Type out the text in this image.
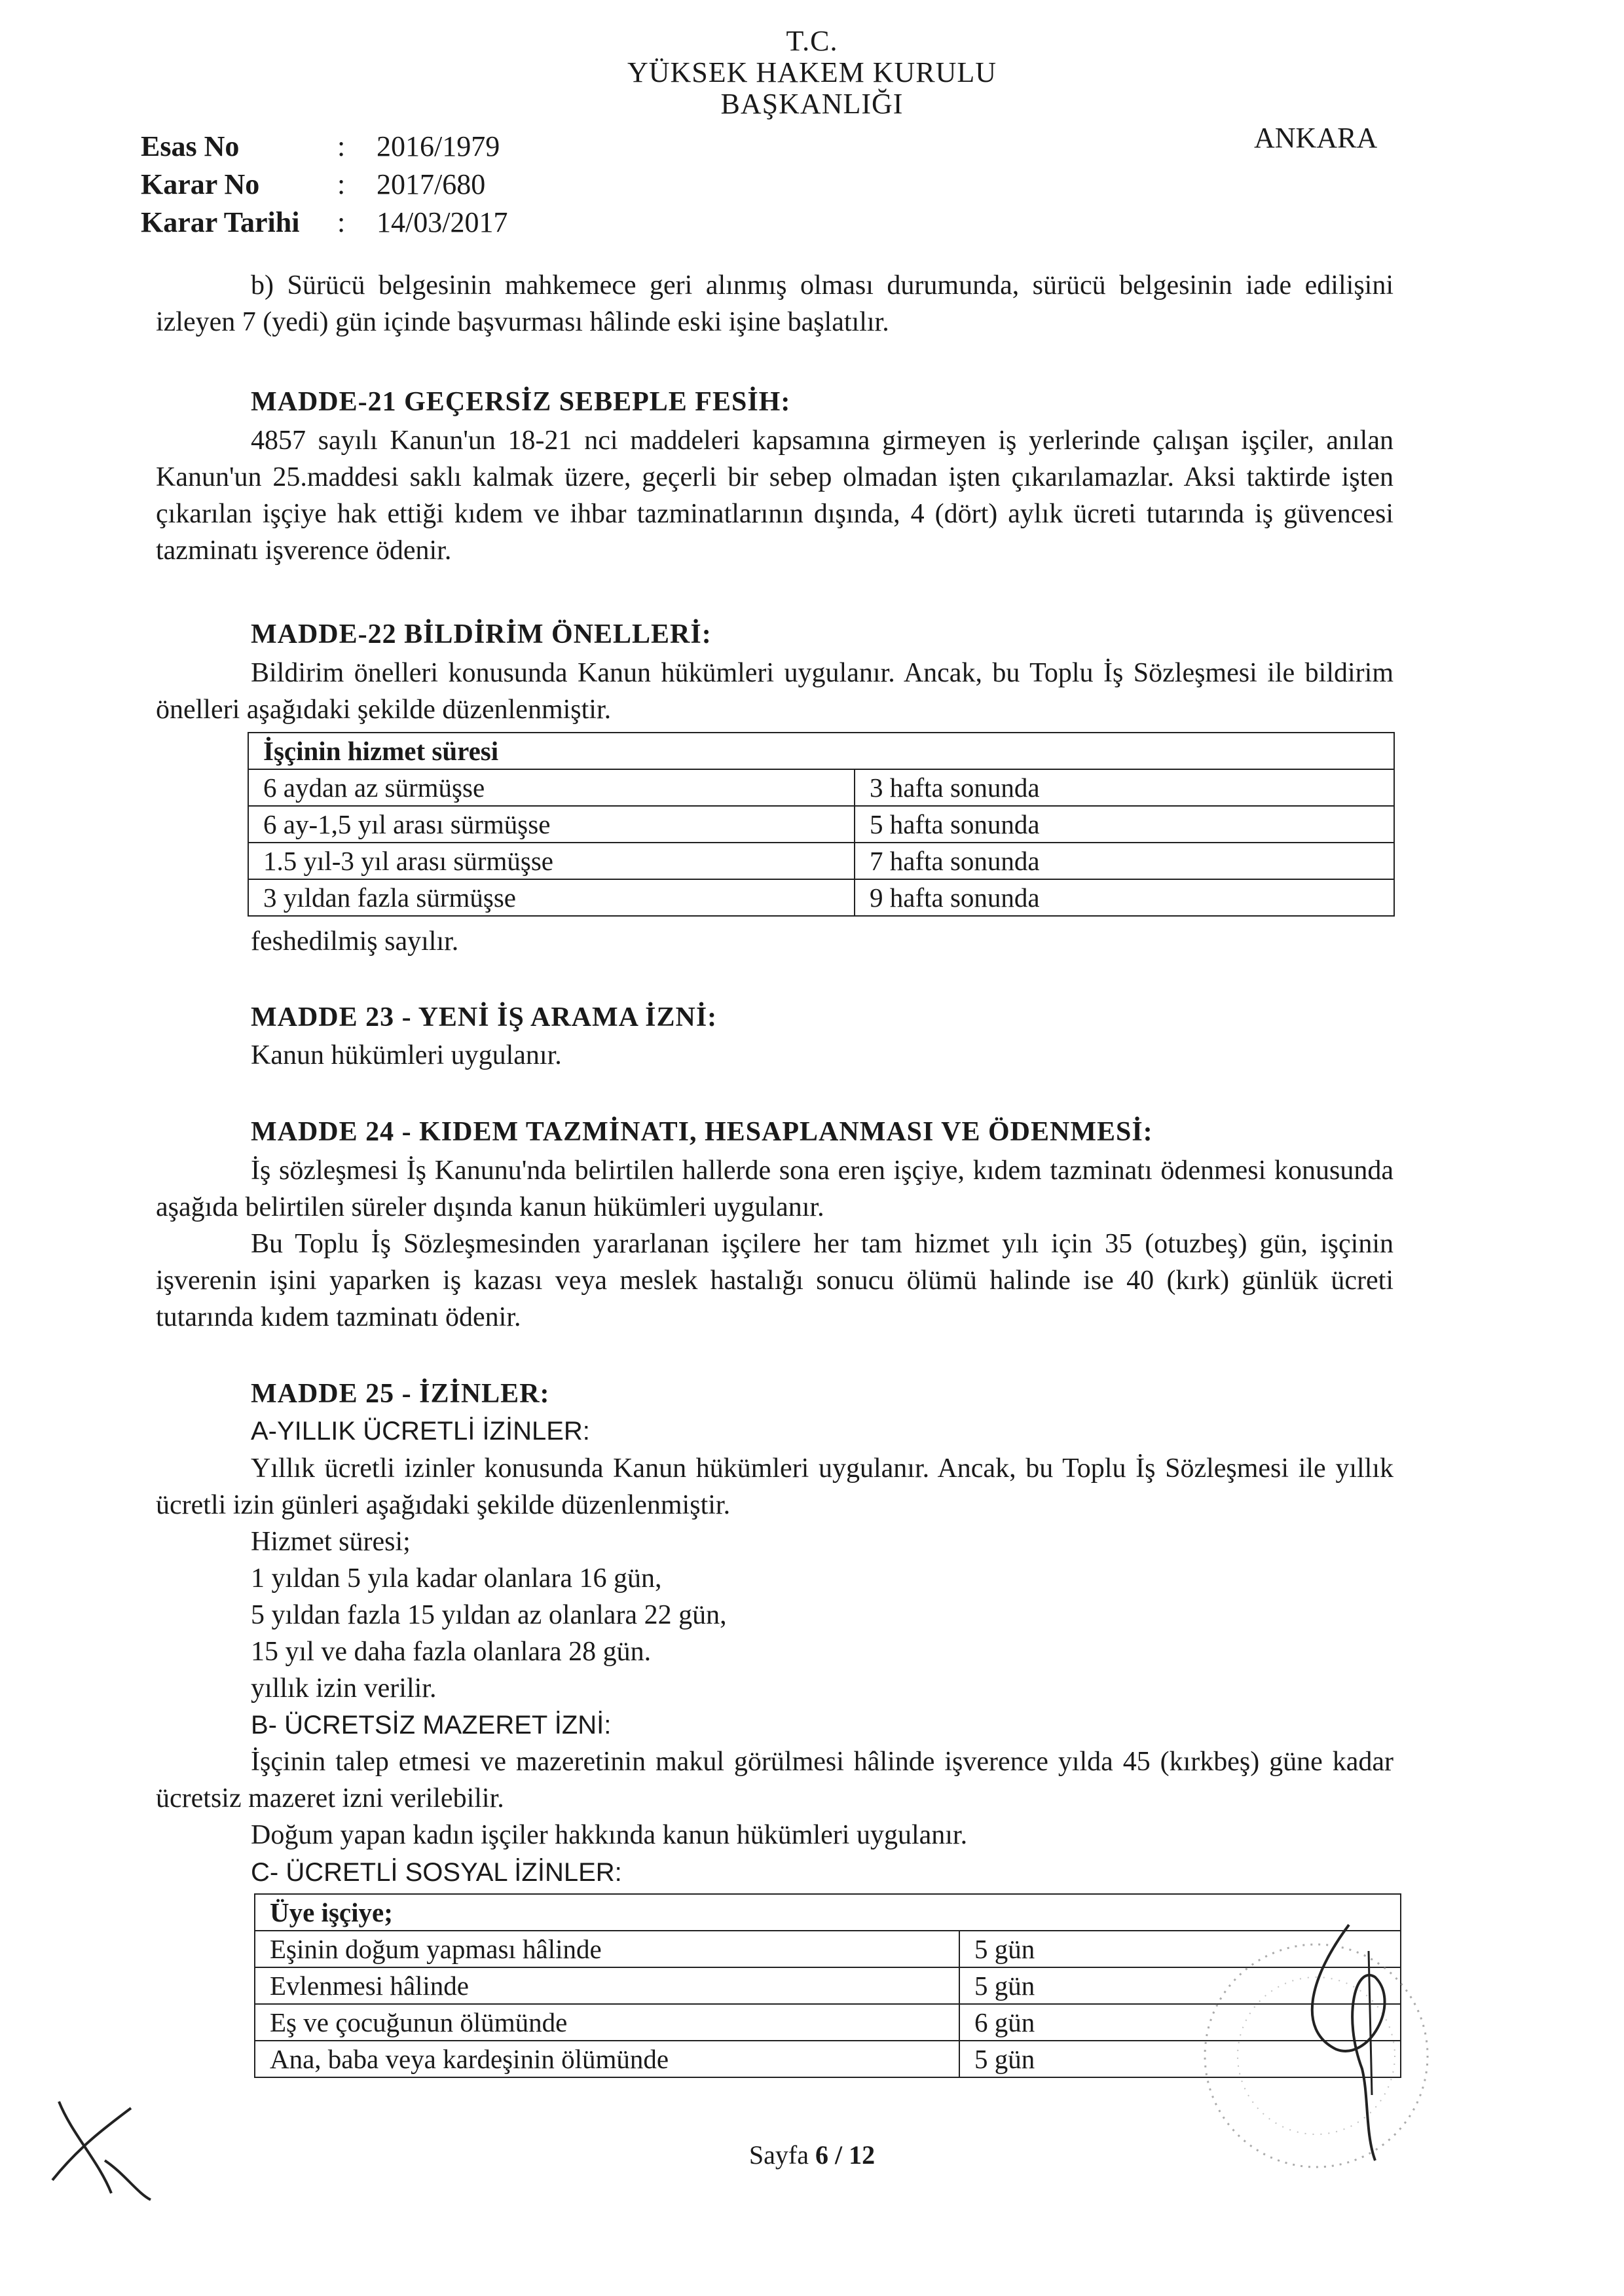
T.C.
YÜKSEK HAKEM KURULU
BAŞKANLIĞI
ANKARA
Esas No	: 2016/1979
Karar No	: 2017/680
Karar Tarihi : 14/03/2017

b) Sürücü belgesinin mahkemece geri alınmış olması durumunda, sürücü belgesinin iade edilişini izleyen 7 (yedi) gün içinde başvurması hâlinde eski işine başlatılır.

MADDE-21 GEÇERSİZ SEBEPLE FESİH:

4857 sayılı Kanun'un 18-21 nci maddeleri kapsamına girmeyen iş yerlerinde çalışan işçiler, anılan Kanun'un 25.maddesi saklı kalmak üzere, geçerli bir sebep olmadan işten çıkarılamazlar. Aksi taktirde işten çıkarılan işçiye hak ettiği kıdem ve ihbar tazminatlarının dışında, 4 (dört) aylık ücreti tutarında iş güvencesi tazminatı işverence ödenir.

MADDE-22 BİLDİRİM ÖNELLERİ:

Bildirim önelleri konusunda Kanun hükümleri uygulanır. Ancak, bu Toplu İş Sözleşmesi ile bildirim önelleri aşağıdaki şekilde düzenlenmiştir.

İşçinin hizmet süresi	
6 aydan az sürmüşse	3 hafta sonunda
6 ay-1,5 yıl arası sürmüşse	5 hafta sonunda
1.5 yıl-3 yıl arası sürmüşse	7 hafta sonunda
3 yıldan fazla sürmüşse	9 hafta sonunda
feshedilmiş sayılır.
MADDE 23 - YENİ İŞ ARAMA İZNİ:
Kanun hükümleri uygulanır.
MADDE 24 - KIDEM TAZMİNATI, HESAPLANMASI VE ÖDENMESİ:

İş sözleşmesi İş Kanunu'nda belirtilen hallerde sona eren işçiye, kıdem tazminatı ödenmesi konusunda aşağıda belirtilen süreler dışında kanun hükümleri uygulanır.

Bu Toplu İş Sözleşmesinden yararlanan işçilere her tam hizmet yılı için 35 (otuzbeş) gün, işçinin işverenin işini yaparken iş kazası veya meslek hastalığı sonucu ölümü halinde ise 40 (kırk) günlük ücreti tutarında kıdem tazminatı ödenir.

MADDE 25 - İZİNLER:
A-YILLIK ÜCRETLİ İZİNLER:

Yıllık ücretli izinler konusunda Kanun hükümleri uygulanır. Ancak, bu Toplu İş Sözleşmesi ile yıllık ücretli izin günleri aşağıdaki şekilde düzenlenmiştir.

Hizmet süresi;
1 yıldan 5 yıla kadar olanlara 16 gün,
5 yıldan fazla 15 yıldan az olanlara 22 gün,
15 yıl ve daha fazla olanlara 28 gün.
yıllık izin verilir.
B- ÜCRETSİZ MAZERET İZNİ:

İşçinin talep etmesi ve mazeretinin makul görülmesi hâlinde işverence yılda 45 (kırkbeş) güne kadar ücretsiz mazeret izni verilebilir.

Doğum yapan kadın işçiler hakkında kanun hükümleri uygulanır.

C- ÜCRETLİ SOSYAL İZİNLER:
Üye işçiye;	
Eşinin doğum yapması hâlinde	5 gün
Evlenmesi hâlinde	5 gün
Eş ve çocuğunun ölümünde	6 gün
Ana, baba veya kardeşinin ölümünde	5 gün
Sayfa 6 / 12
